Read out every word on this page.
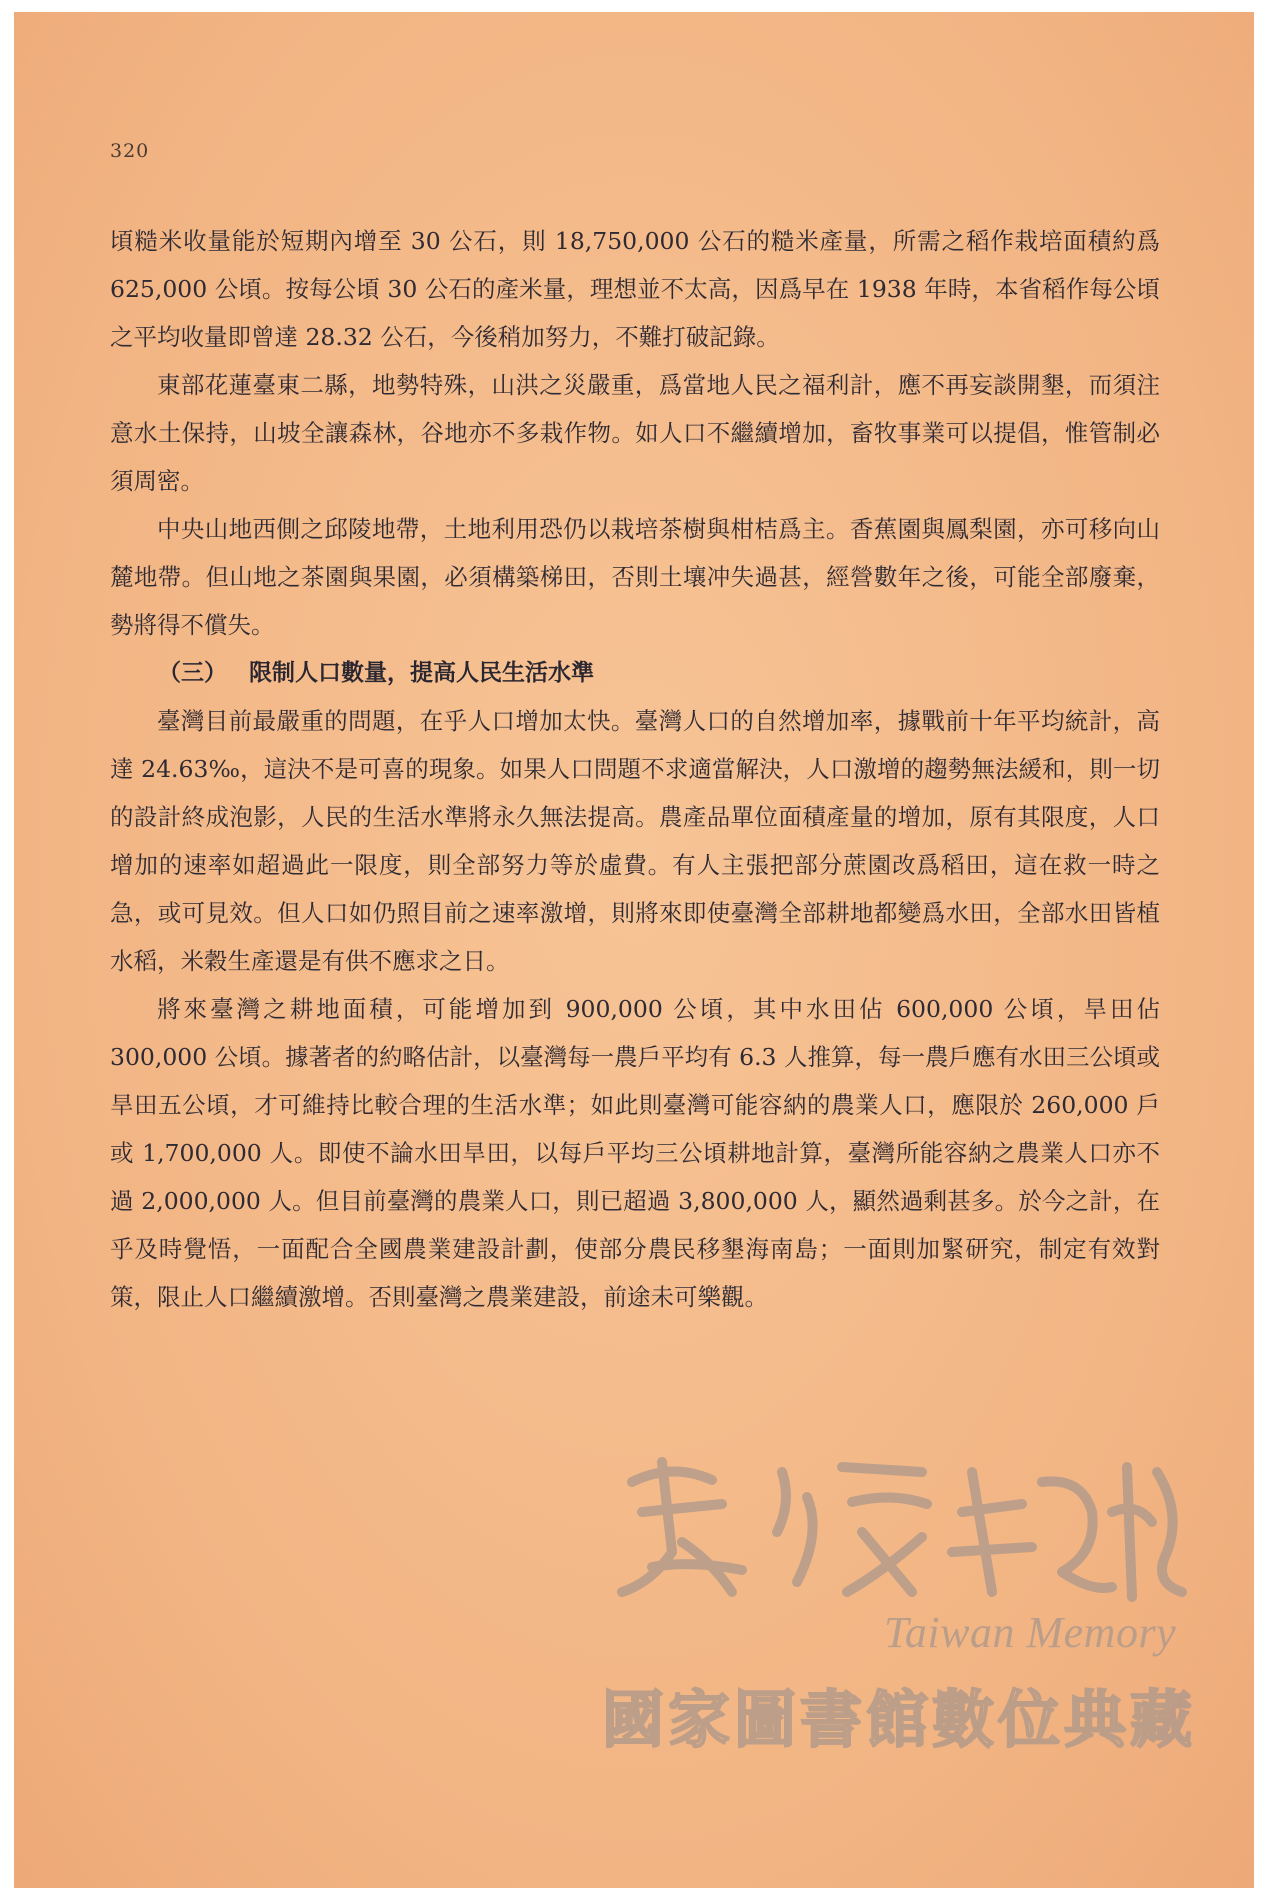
320

頃糙米收量能於短期內增至 30 公石，則 18,750,000 公石的糙米產量，所需之稻作栽培面積約爲 625,000 公頃。按每公頃 30 公石的產米量，理想並不太高，因爲早在 1938 年時，本省稻作每公頃之平均收量即曾達 28.32 公石，今後稍加努力，不難打破記錄。

東部花蓮臺東二縣，地勢特殊，山洪之災嚴重，爲當地人民之福利計，應不再妄談開墾，而須注意水土保持，山坡全讓森林，谷地亦不多栽作物。如人口不繼續增加，畜牧事業可以提倡，惟管制必須周密。

中央山地西側之邱陵地帶，土地利用恐仍以栽培茶樹與柑桔爲主。香蕉園與鳳梨園，亦可移向山麓地帶。但山地之茶園與果園，必須構築梯田，否則土壤冲失過甚，經營數年之後，可能全部廢棄，勢將得不償失。

（三） 限制人口數量，提高人民生活水準

臺灣目前最嚴重的問題，在乎人口增加太快。臺灣人口的自然增加率，據戰前十年平均統計，高達 24.63‰，這決不是可喜的現象。如果人口問題不求適當解決，人口激增的趨勢無法緩和，則一切的設計終成泡影，人民的生活水準將永久無法提高。農產品單位面積產量的增加，原有其限度，人口增加的速率如超過此一限度，則全部努力等於虛費。有人主張把部分蔗園改爲稻田，這在救一時之急，或可見效。但人口如仍照目前之速率激增，則將來即使臺灣全部耕地都變爲水田，全部水田皆植水稻，米穀生產還是有供不應求之日。

將來臺灣之耕地面積，可能增加到 900,000 公頃，其中水田佔 600,000 公頃，旱田佔 300,000 公頃。據著者的約略估計，以臺灣每一農戶平均有 6.3 人推算，每一農戶應有水田三公頃或旱田五公頃，才可維持比較合理的生活水準；如此則臺灣可能容納的農業人口，應限於 260,000 戶或 1,700,000 人。即使不論水田旱田，以每戶平均三公頃耕地計算，臺灣所能容納之農業人口亦不過 2,000,000 人。但目前臺灣的農業人口，則已超過 3,800,000 人，顯然過剩甚多。於今之計，在乎及時覺悟，一面配合全國農業建設計劃，使部分農民移墾海南島；一面則加緊研究，制定有效對策，限止人口繼續激增。否則臺灣之農業建設，前途未可樂觀。

Taiwan Memory
國家圖書館數位典藏
